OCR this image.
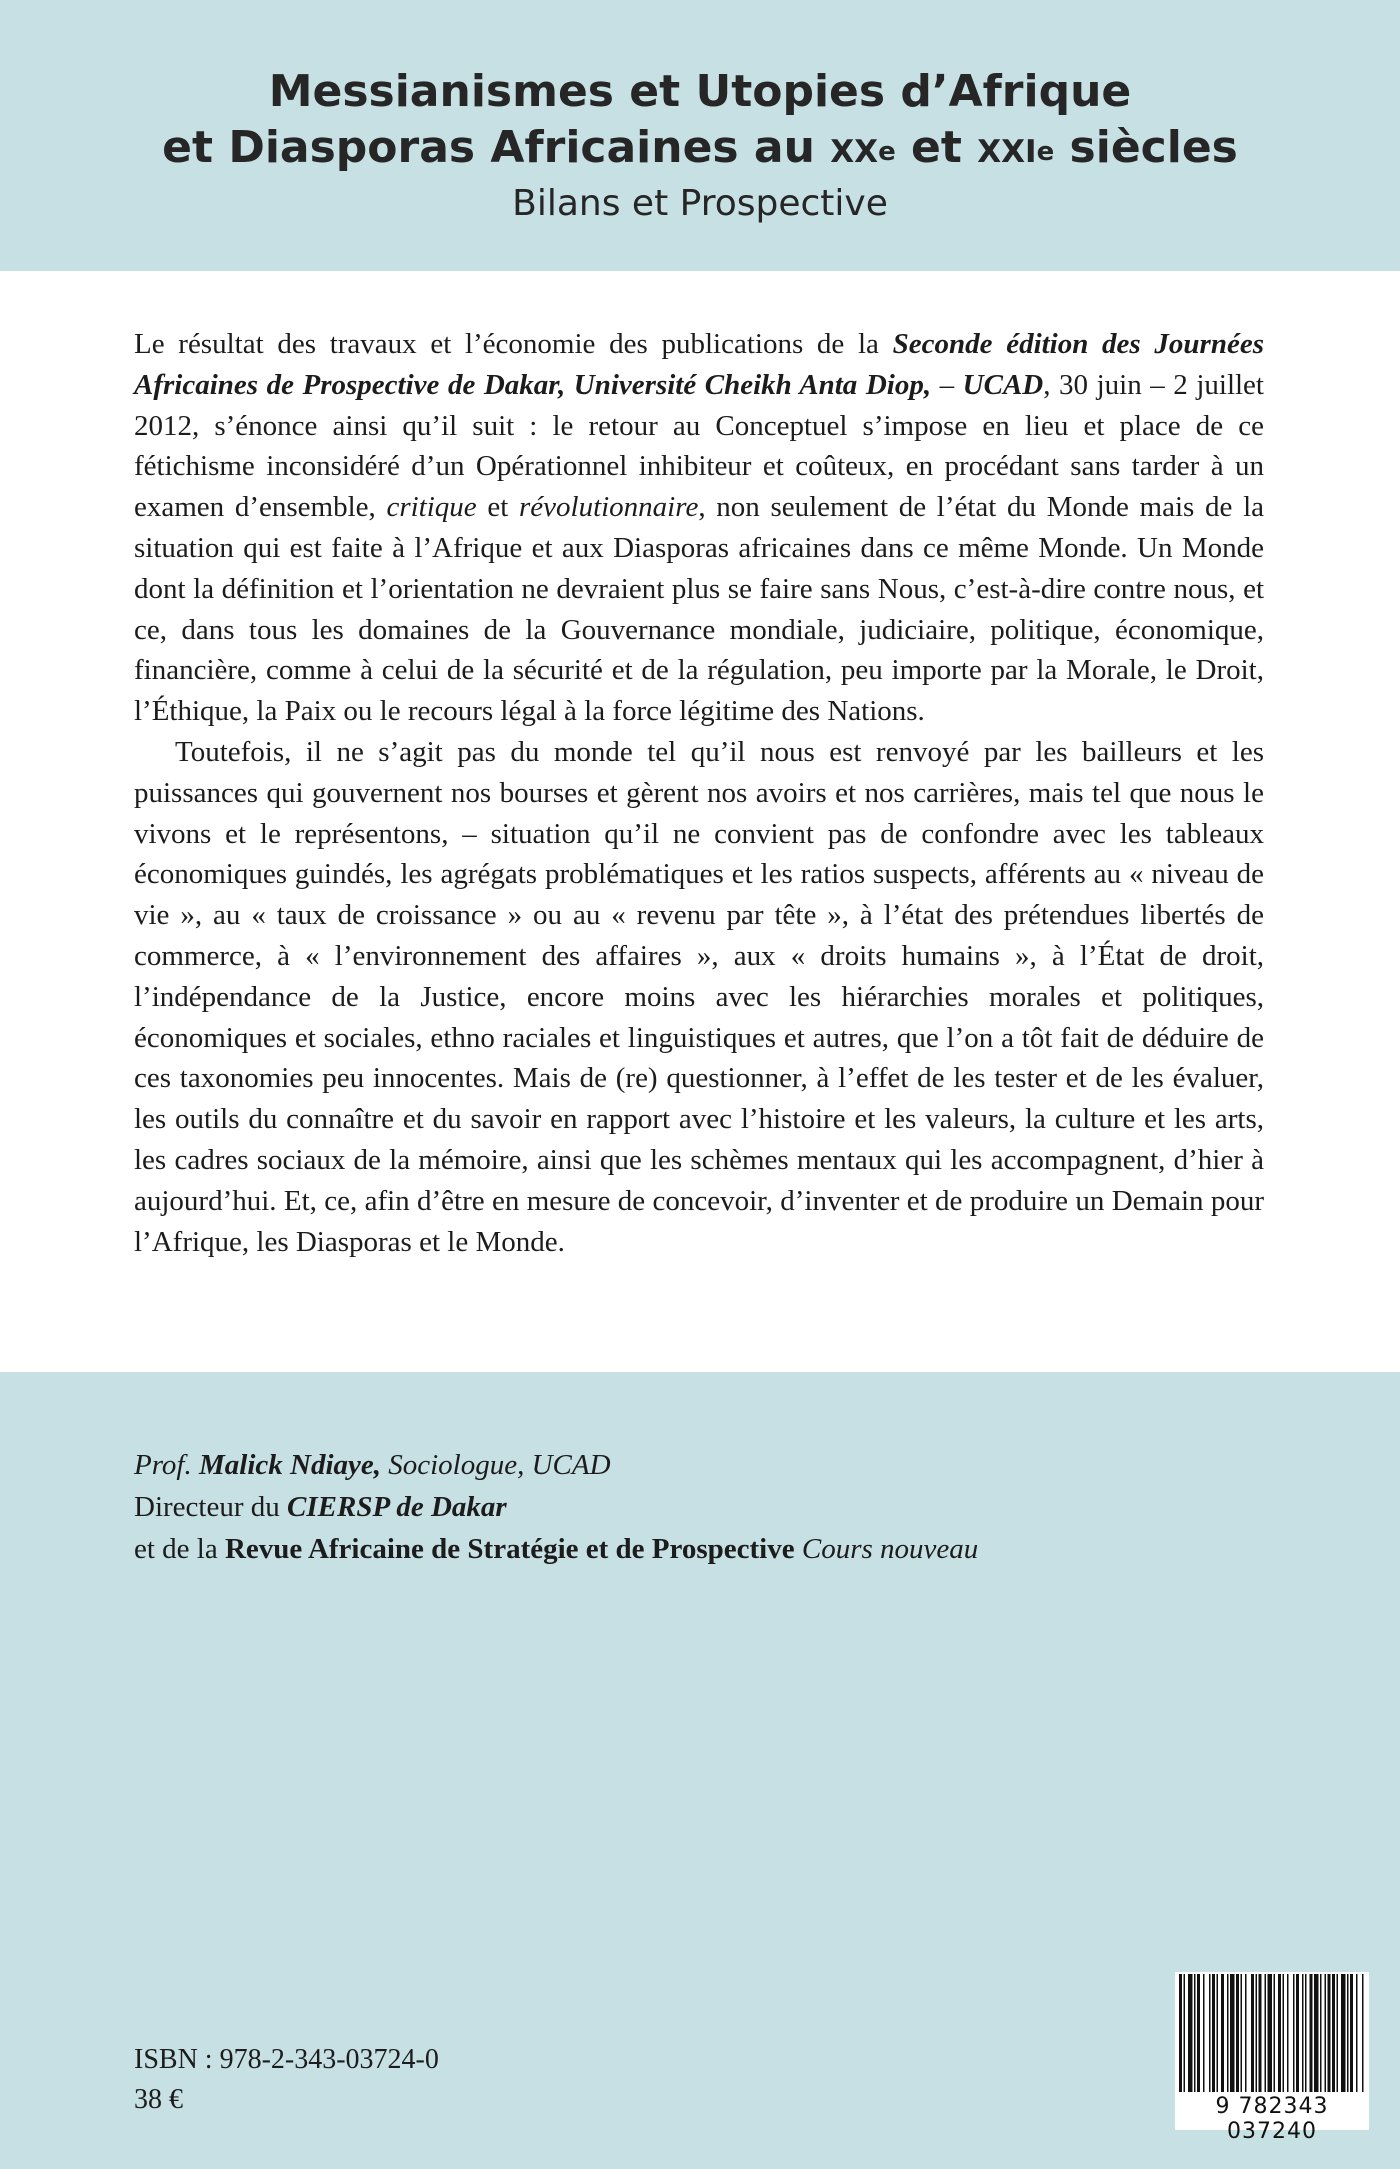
Messianismes et Utopies d’Afrique
et Diasporas Africaines au $xx^e$ et xxi$^e$ siècles
Bilans et Prospective

Le résultat des travaux et l’économie des publications de la Seconde édition des Journées Africaines de Prospective de Dakar, Université Cheikh Anta Diop, – UCAD, 30 juin – 2 juillet 2012, s’énonce ainsi qu’il suit : le retour au Conceptuel s’impose en lieu et place de ce fétichisme inconsidéré d’un Opérationnel inhibiteur et coûteux, en procédant sans tarder à un examen d’ensemble, critique et révolutionnaire, non seulement de l’état du Monde mais de la situation qui est faite à l’Afrique et aux Diasporas africaines dans ce même Monde. Un Monde dont la définition et l’orientation ne devraient plus se faire sans Nous, c’est-à-dire contre nous, et ce, dans tous les domaines de la Gouvernance mondiale, judiciaire, politique, économique, financière, comme à celui de la sécurité et de la régulation, peu importe par la Morale, le Droit, l’Éthique, la Paix ou le recours légal à la force légitime des Nations.

Toutefois, il ne s’agit pas du monde tel qu’il nous est renvoyé par les bailleurs et les puissances qui gouvernent nos bourses et gèrent nos avoirs et nos carrières, mais tel que nous le vivons et le représentons, – situation qu’il ne convient pas de confondre avec les tableaux économiques guindés, les agrégats problématiques et les ratios suspects, afférents au « niveau de vie », au « taux de croissance » ou au « revenu par tête », à l’état des prétendues libertés de commerce, à « l’environnement des affaires », aux « droits humains », à l’État de droit, l’indépendance de la Justice, encore moins avec les hiérarchies morales et politiques, économiques et sociales, ethno raciales et linguistiques et autres, que l’on a tôt fait de déduire de ces taxonomies peu innocentes. Mais de (re) questionner, à l’effet de les tester et de les évaluer, les outils du connaître et du savoir en rapport avec l’histoire et les valeurs, la culture et les arts, les cadres sociaux de la mémoire, ainsi que les schèmes mentaux qui les accompagnent, d’hier à aujourd’hui. Et, ce, afin d’être en mesure de concevoir, d’inventer et de produire un Demain pour l’Afrique, les Diasporas et le Monde.

Prof. Malick Ndiaye, Sociologue, UCAD
Directeur du CIERSP de Dakar
et de la Revue Africaine de Stratégie et de Prospective Cours nouveau
ISBN : 978-2-343-03724-0
38 €	9 782343 037240
